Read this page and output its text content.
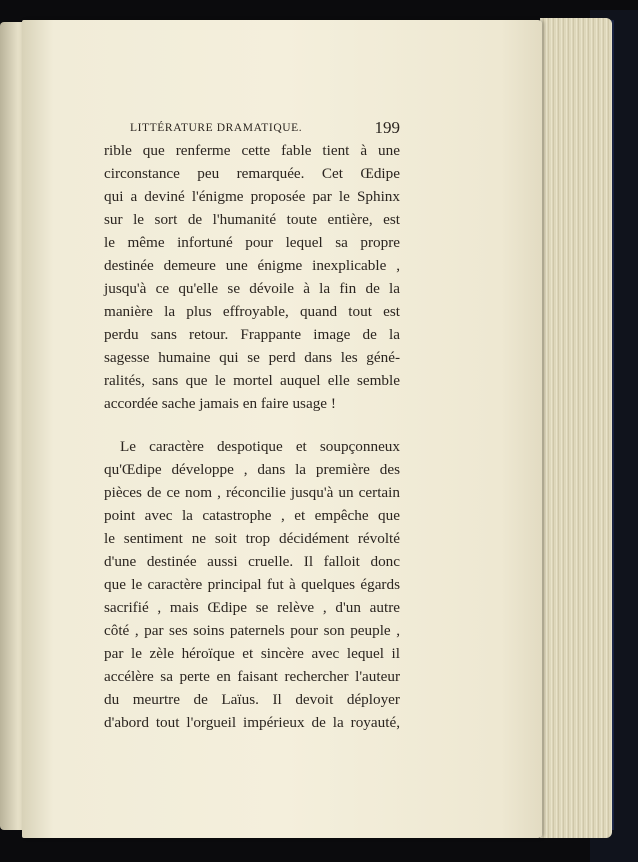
LITTÉRATURE DRAMATIQUE.	199
rible que renferme cette fable tient à une
circonstance peu remarquée. Cet Œdipe
qui a deviné l'énigme proposée par le Sphinx
sur le sort de l'humanité toute entière, est
le même infortuné pour lequel sa propre
destinée demeure une énigme inexplicable ,
jusqu'à ce qu'elle se dévoile à la fin de la
manière la plus effroyable, quand tout est
perdu sans retour. Frappante image de la
sagesse humaine qui se perd dans les géné-
ralités, sans que le mortel auquel elle semble
accordée sache jamais en faire usage !
Le caractère despotique et soupçonneux
qu'Œdipe développe , dans la première des
pièces de ce nom , réconcilie jusqu'à un certain
point avec la catastrophe , et empêche que
le sentiment ne soit trop décidément révolté
d'une destinée aussi cruelle. Il falloit donc
que le caractère principal fut à quelques égards
sacrifié , mais Œdipe se relève , d'un autre
côté , par ses soins paternels pour son peuple ,
par le zèle héroïque et sincère avec lequel il
accélère sa perte en faisant rechercher l'auteur
du meurtre de Laïus. Il devoit déployer
d'abord tout l'orgueil impérieux de la royauté,
